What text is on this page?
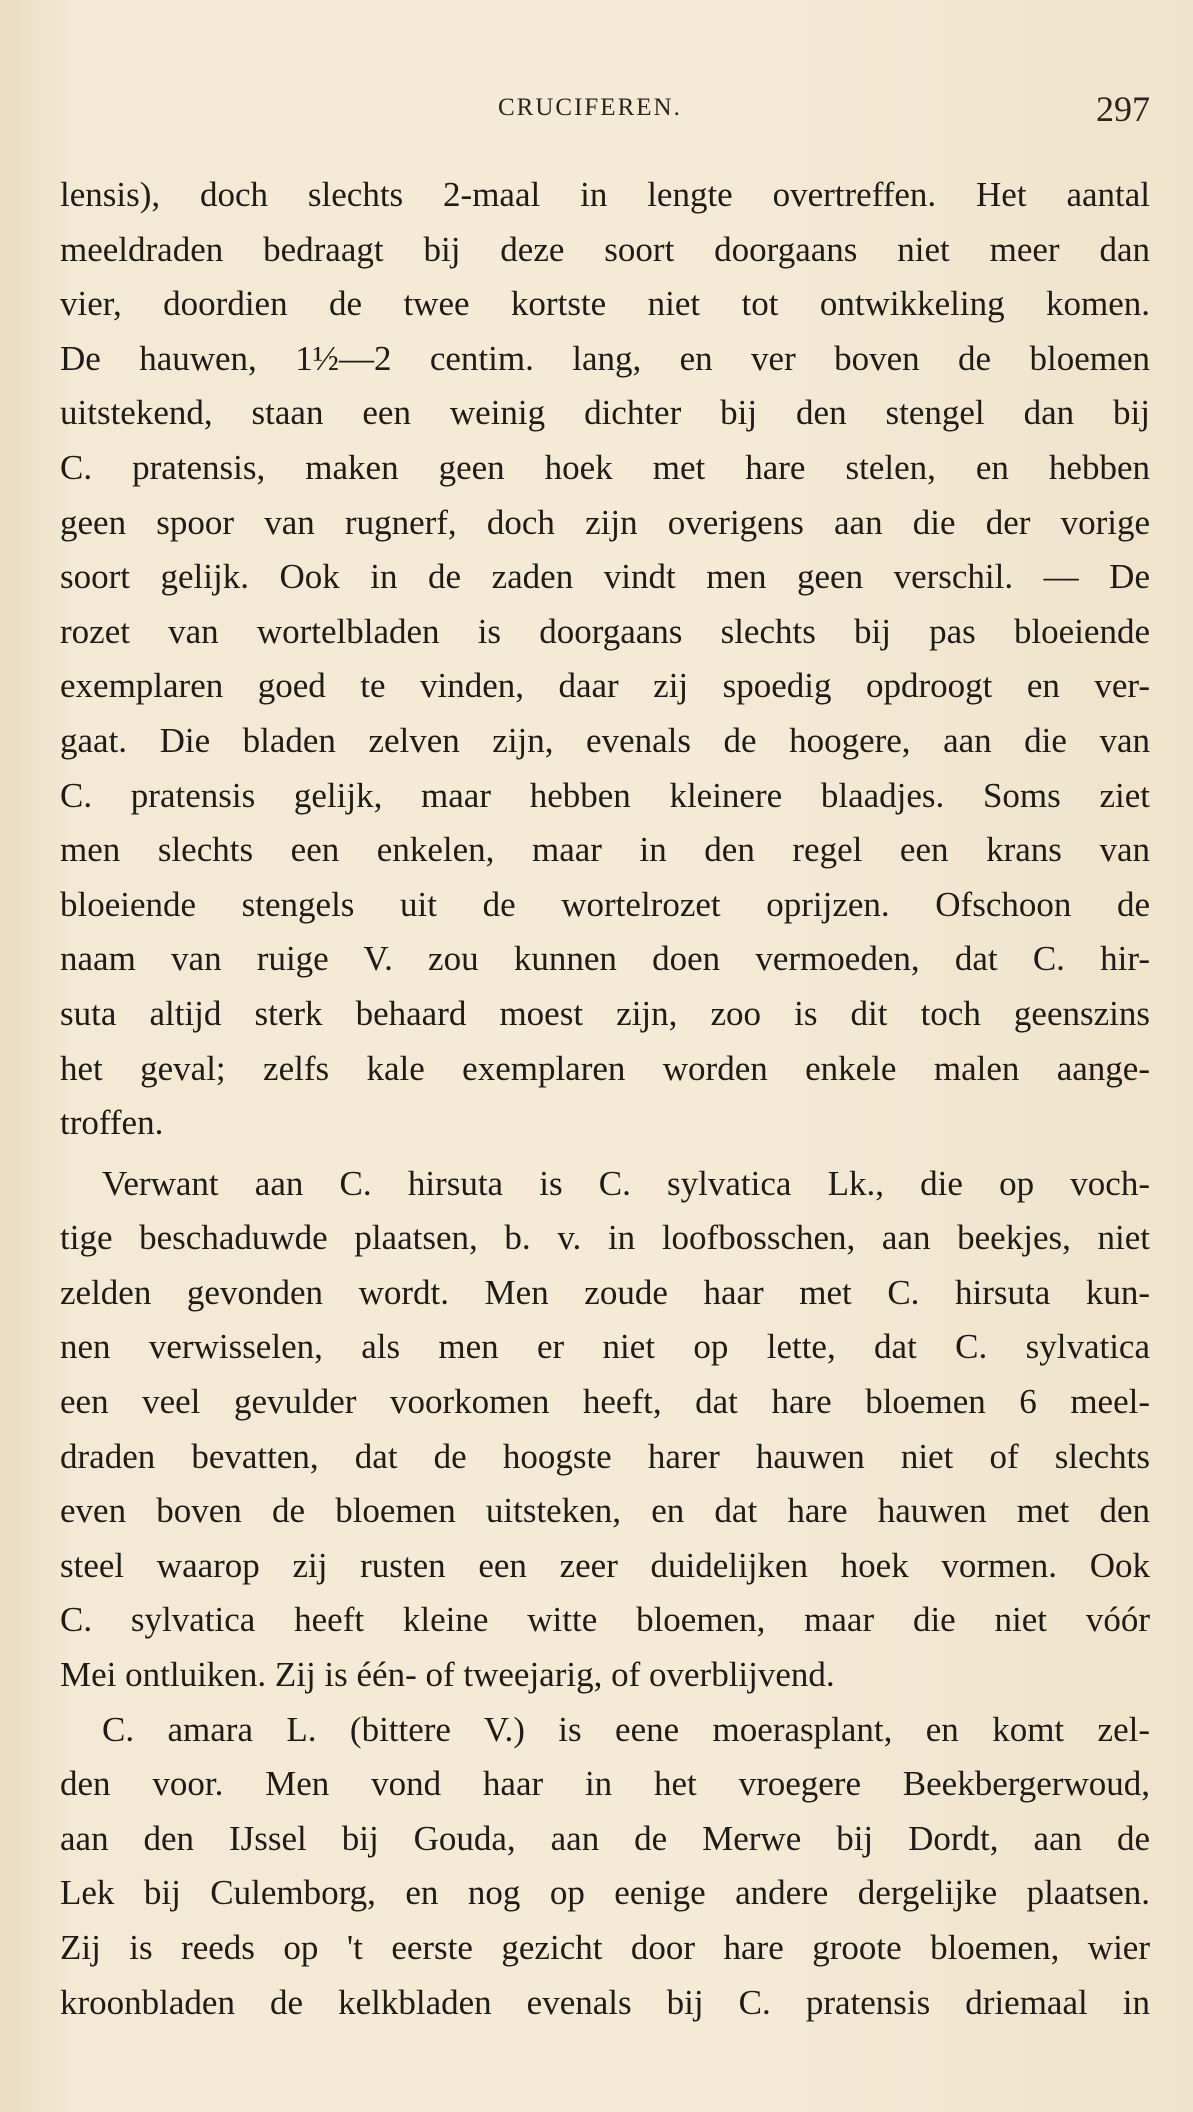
CRUCIFEREN.	297
lensis), doch slechts 2-maal in lengte overtreffen. Het aantal
meeldraden bedraagt bij deze soort doorgaans niet meer dan
vier, doordien de twee kortste niet tot ontwikkeling komen.
De hauwen, 1½—2 centim. lang, en ver boven de bloemen
uitstekend, staan een weinig dichter bij den stengel dan bij
C. pratensis, maken geen hoek met hare stelen, en hebben
geen spoor van rugnerf, doch zijn overigens aan die der vorige
soort gelijk. Ook in de zaden vindt men geen verschil. — De
rozet van wortelbladen is doorgaans slechts bij pas bloeiende
exemplaren goed te vinden, daar zij spoedig opdroogt en ver-
gaat. Die bladen zelven zijn, evenals de hoogere, aan die van
C. pratensis gelijk, maar hebben kleinere blaadjes. Soms ziet
men slechts een enkelen, maar in den regel een krans van
bloeiende stengels uit de wortelrozet oprijzen. Ofschoon de
naam van ruige V. zou kunnen doen vermoeden, dat C. hir-
suta altijd sterk behaard moest zijn, zoo is dit toch geenszins
het geval; zelfs kale exemplaren worden enkele malen aange-
troffen.
Verwant aan C. hirsuta is C. sylvatica Lk., die op voch-
tige beschaduwde plaatsen, b. v. in loofbosschen, aan beekjes, niet
zelden gevonden wordt. Men zoude haar met C. hirsuta kun-
nen verwisselen, als men er niet op lette, dat C. sylvatica
een veel gevulder voorkomen heeft, dat hare bloemen 6 meel-
draden bevatten, dat de hoogste harer hauwen niet of slechts
even boven de bloemen uitsteken, en dat hare hauwen met den
steel waarop zij rusten een zeer duidelijken hoek vormen. Ook
C. sylvatica heeft kleine witte bloemen, maar die niet vóór
Mei ontluiken. Zij is één- of tweejarig, of overblijvend.
C. amara L. (bittere V.) is eene moerasplant, en komt zel-
den voor. Men vond haar in het vroegere Beekbergerwoud,
aan den IJssel bij Gouda, aan de Merwe bij Dordt, aan de
Lek bij Culemborg, en nog op eenige andere dergelijke plaatsen.
Zij is reeds op 't eerste gezicht door hare groote bloemen, wier
kroonbladen de kelkbladen evenals bij C. pratensis driemaal in
